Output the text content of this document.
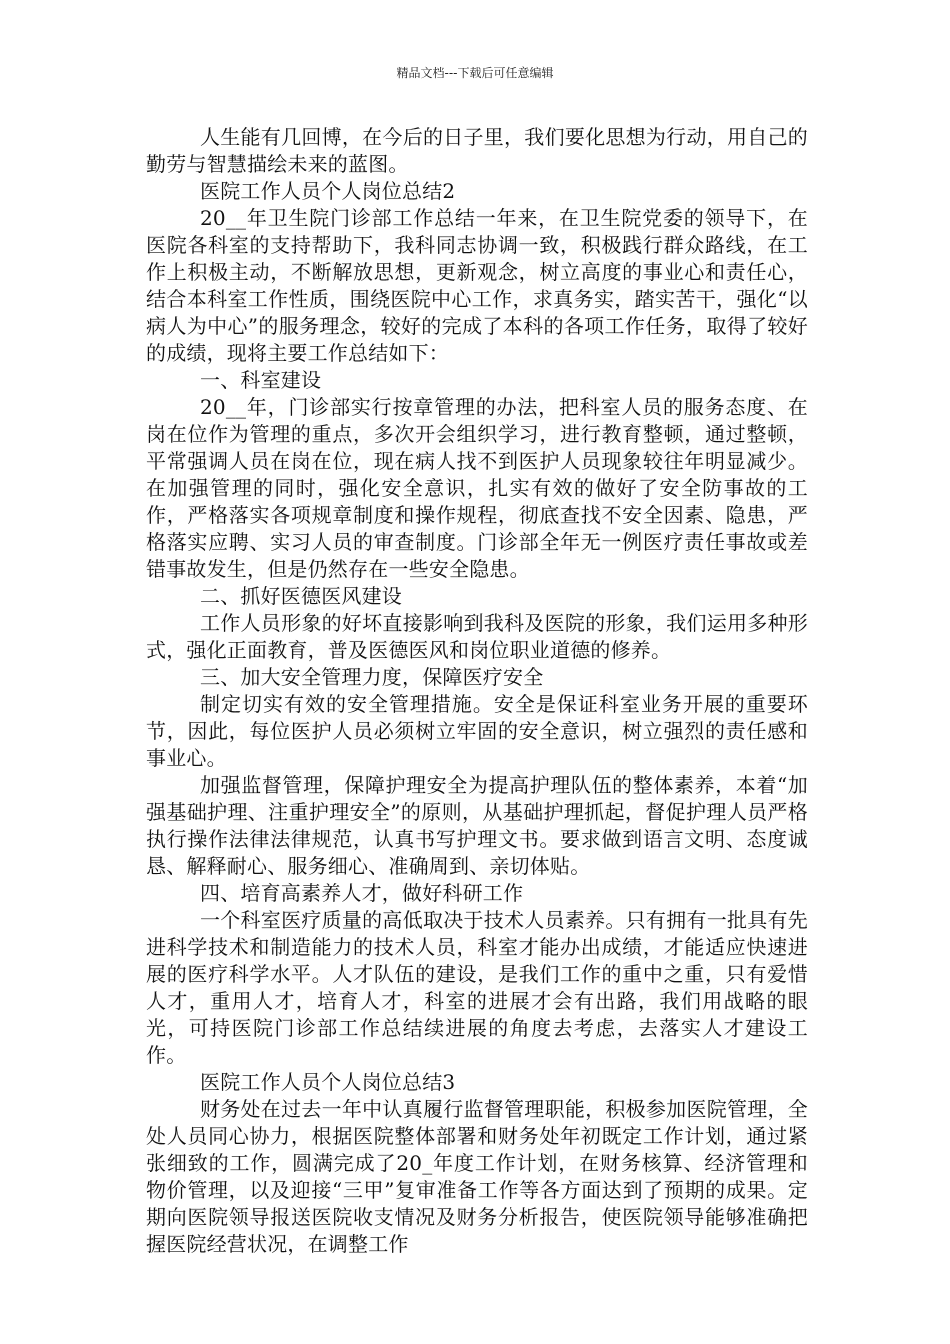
精品文档---下载后可任意编辑

人生能有几回博，在今后的日子里，我们要化思想为行动，用自己的勤劳与智慧描绘未来的蓝图。

医院工作人员个人岗位总结2

20__年卫生院门诊部工作总结一年来，在卫生院党委的领导下，在医院各科室的支持帮助下，我科同志协调一致，积极践行群众路线，在工作上积极主动，不断解放思想，更新观念，树立高度的事业心和责任心，结合本科室工作性质，围绕医院中心工作，求真务实，踏实苦干，强化“以病人为中心”的服务理念，较好的完成了本科的各项工作任务，取得了较好的成绩，现将主要工作总结如下：

一、科室建设

20__年，门诊部实行按章管理的办法，把科室人员的服务态度、在岗在位作为管理的重点，多次开会组织学习，进行教育整顿，通过整顿，平常强调人员在岗在位，现在病人找不到医护人员现象较往年明显减少。在加强管理的同时，强化安全意识，扎实有效的做好了安全防事故的工作，严格落实各项规章制度和操作规程，彻底查找不安全因素、隐患，严格落实应聘、实习人员的审查制度。门诊部全年无一例医疗责任事故或差错事故发生，但是仍然存在一些安全隐患。

二、抓好医德医风建设

工作人员形象的好坏直接影响到我科及医院的形象，我们运用多种形式，强化正面教育，普及医德医风和岗位职业道德的修养。

三、加大安全管理力度，保障医疗安全

制定切实有效的安全管理措施。安全是保证科室业务开展的重要环节，因此，每位医护人员必须树立牢固的安全意识，树立强烈的责任感和事业心。

加强监督管理，保障护理安全为提高护理队伍的整体素养，本着“加强基础护理、注重护理安全”的原则，从基础护理抓起，督促护理人员严格执行操作法律法律规范，认真书写护理文书。要求做到语言文明、态度诚恳、解释耐心、服务细心、准确周到、亲切体贴。

四、培育高素养人才，做好科研工作

一个科室医疗质量的高低取决于技术人员素养。只有拥有一批具有先进科学技术和制造能力的技术人员，科室才能办出成绩，才能适应快速进展的医疗科学水平。人才队伍的建设，是我们工作的重中之重，只有爱惜人才，重用人才，培育人才，科室的进展才会有出路，我们用战略的眼光，可持医院门诊部工作总结续进展的角度去考虑，去落实人才建设工作。

医院工作人员个人岗位总结3

财务处在过去一年中认真履行监督管理职能，积极参加医院管理，全处人员同心协力，根据医院整体部署和财务处年初既定工作计划，通过紧张细致的工作，圆满完成了20_年度工作计划，在财务核算、经济管理和物价管理，以及迎接“三甲”复审准备工作等各方面达到了预期的成果。定期向医院领导报送医院收支情况及财务分析报告，使医院领导能够准确把握医院经营状况，在调整工作
